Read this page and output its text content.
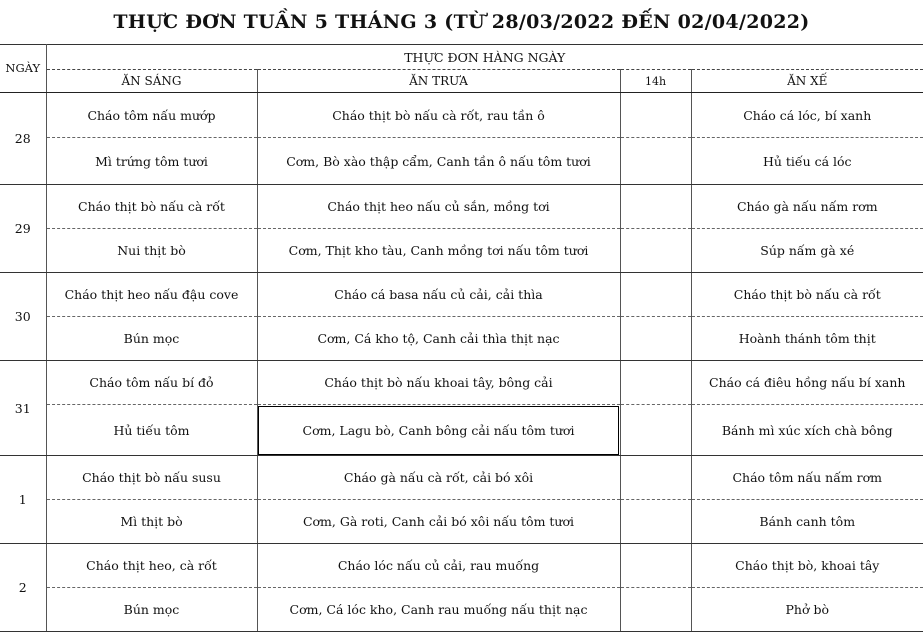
THỰC ĐƠN TUẦN 5 THÁNG 3 (TỪ 28/03/2022 ĐẾN 02/04/2022)
NGÀY	THỰC ĐƠN HÀNG NGÀY			
	ĂN SÁNG	ĂN TRƯA	14h	ĂN XẾ
28	Cháo tôm nấu mướp	Cháo thịt bò nấu cà rốt, rau tần ô		Cháo cá lóc, bí xanh
	Mì trứng tôm tươi	Cơm, Bò xào thập cẩm, Canh tần ô nấu tôm tươi		Hủ tiếu cá lóc
29	Cháo thịt bò nấu cà rốt	Cháo thịt heo nấu củ sắn, mồng tơi		Cháo gà nấu nấm rơm
	Nui thịt bò	Cơm, Thịt kho tàu, Canh mồng tơi nấu tôm tươi		Súp nấm gà xé
30	Cháo thịt heo nấu đậu cove	Cháo cá basa nấu củ cải, cải thìa		Cháo thịt bò nấu cà rốt
	Bún mọc	Cơm, Cá kho tộ, Canh cải thìa thịt nạc		Hoành thánh tôm thịt
31	Cháo tôm nấu bí đỏ	Cháo thịt bò nấu khoai tây, bông cải		Cháo cá điêu hồng nấu bí xanh
	Hủ tiếu tôm	Cơm, Lagu bò, Canh bông cải nấu tôm tươi		Bánh mì xúc xích chà bông
1	Cháo thịt bò nấu susu	Cháo gà nấu cà rốt, cải bó xôi		Cháo tôm nấu nấm rơm
	Mì thịt bò	Cơm, Gà roti, Canh cải bó xôi nấu tôm tươi		Bánh canh tôm
2	Cháo thịt heo, cà rốt	Cháo lóc nấu củ cải, rau muống		Cháo thịt bò, khoai tây
	Bún mọc	Cơm, Cá lóc kho, Canh rau muống nấu thịt nạc		Phở bò
